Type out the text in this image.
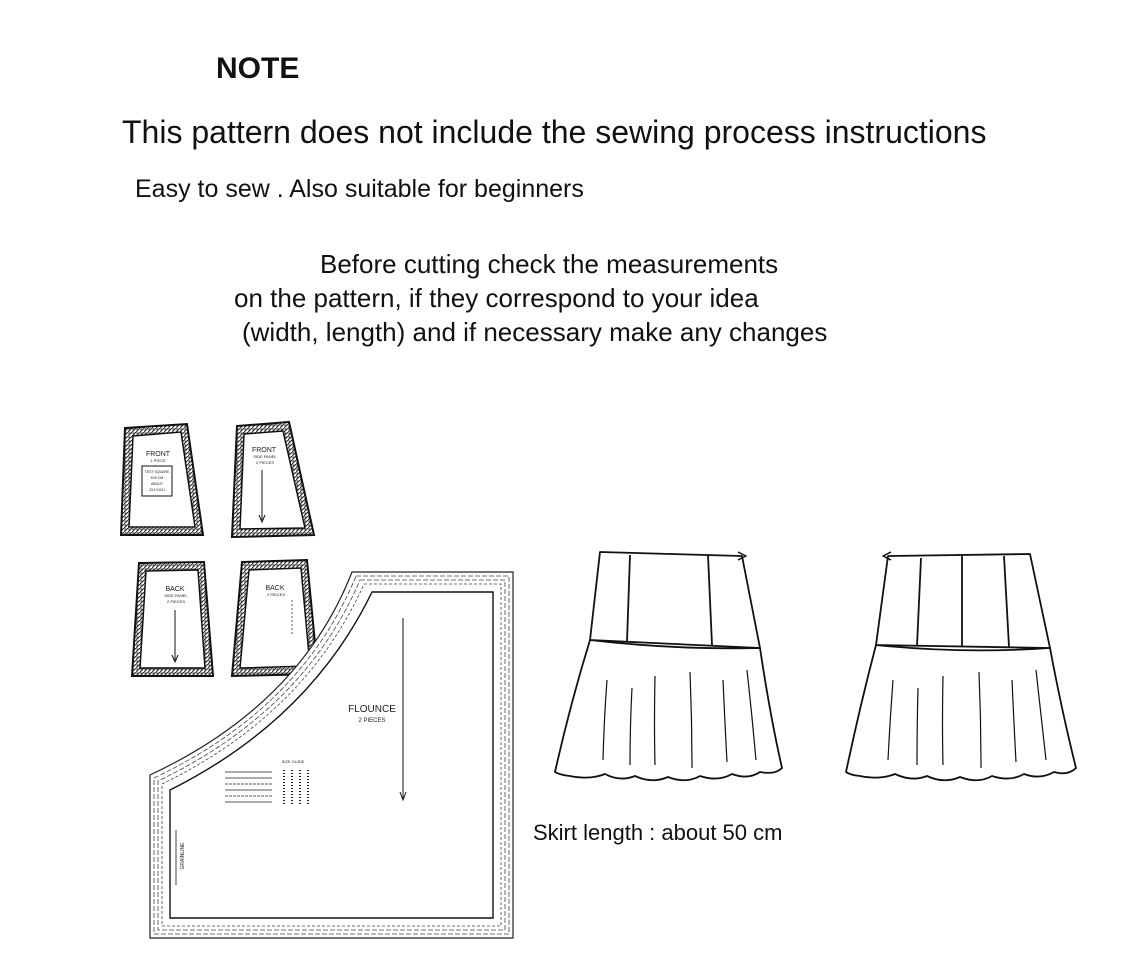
NOTE
This pattern does not include the sewing process instructions
Easy to sew . Also suitable for beginners
Before cutting check the measurements
on the pattern, if they correspond to your idea
(width, length) and if necessary make any changes
FRONT
1 PIECE
TEST SQUARE
5X5 CM
ABOUT
2X2 INCH
FRONT
SIDE PANEL
2 PIECES
BACK
SIDE PANEL
2 PIECES
BACK
2 PIECES
FLOUNCE
2 PIECES
SIZE GUIDE
GRAINLINE
Skirt length : about 50 cm
